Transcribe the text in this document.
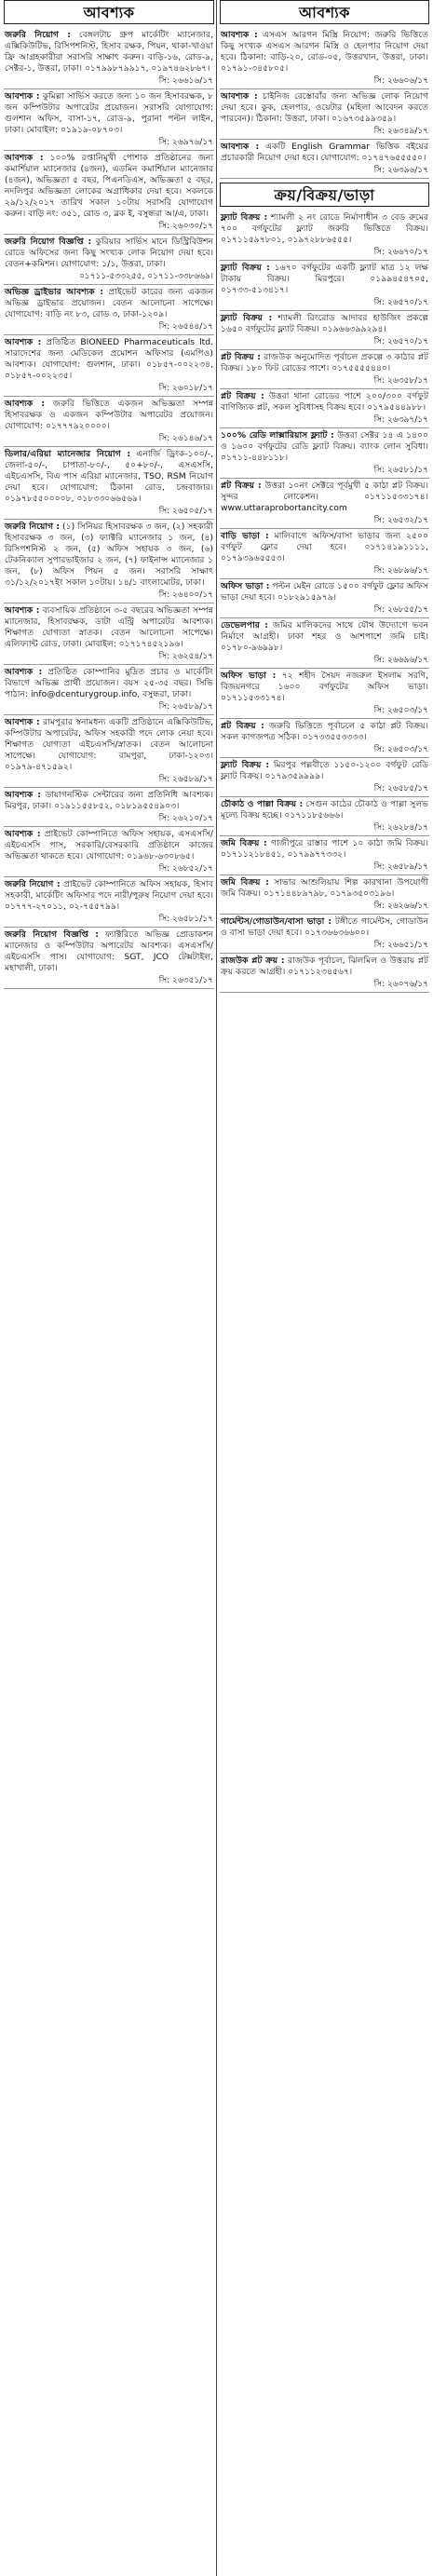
আবশ্যক

জরুরি নিয়োগ : বেঙ্গলটাচ গ্রুপ মার্কেটিং ম্যানেজার, এক্সিকিউটিভ, রিসিপশনিস্ট, হিসাব রক্ষক, পিয়ন, থাকা-খাওয়া ফ্রি আগ্রহকারীরা সরাসরি সাক্ষাৎ করুন। বাড়ি-১৬, রোড-৯, সেক্টর-১, উত্তরা, ঢাকা। ০১৭৯৯৮৭৯৯১৭, ০১৯৭৪৬২৮৬৭।

সি: ২৬৬১৬/১৭

আবশ্যক : কুমিল্লা সার্ভিস করতে জন্য ১০ জন হিসাবরক্ষক, ৮ জন কম্পিউটার অপারেটর প্রয়োজন। সরাসরি যোগাযোগ: গুলশান অফিস, বাসা-১৭, রোড-৯, পুরানা পল্টন লাইন, ঢাকা। মোবাইল: ০১৯১৯-০৮৭০৩।

সি: ২৬৯৭৬/১৭

আবশ্যক : ১০০% রপ্তানিমুখী পোশাক প্রতিষ্ঠানের জন্য কমার্শিয়াল ম্যানেজার (৪জন), এডমিন কমার্শিয়াল ম্যানেজার (৪জন), অভিজ্ঞতা ৫ বছর, পিএনডিএস, অভিজ্ঞতা ৫ বছর, নদলিপুর অভিজ্ঞতা লোকের অগ্রাধিকার দেয়া হবে। সকলকে ২৯/১২/২০১৭ তারিখ সকাল ১০টায় সরাসরি যোগাযোগ করুন। বাড়ি নং: ৩৫১, রোড ৩, ব্লক ই, বসুন্ধরা আ/এ, ঢাকা।

সি: ২৬০৩০/১৭

জরুরি নিয়োগ বিজ্ঞপ্তি : কুরিয়ার সার্ভিস মানে ডিস্ট্রিবিউশন রোডে অফিসের জন্য কিছু সংখ্যক লোক নিয়োগ দেয়া হবে। বেতন+কমিশন। যোগাযোগ: ১/১, উত্তরা, ঢাকা।

০১৭১১-৫৩৩২৫৫, ০১৭১১-৩৩৮৬৬৯।

অভিজ্ঞ ড্রাইভার আবশ্যক : প্রাইভেট কারের জন্য একজন অভিজ্ঞ ড্রাইভার প্রয়োজন। বেতন আলোচনা সাপেক্ষে। যোগাযোগ: বাড়ি নং ৮৩, রোড ৩, ঢাকা-১২০৯।

সি: ২৬৫৪৪/১৭

আবশ্যক : প্রতিষ্ঠিত BIONEED Pharmaceuticals ltd. সারাদেশের জন্য মেডিকেল প্রমোশন অফিসার (এমপিও) আবশ্যক। যোগাযোগ: গুলশান, ঢাকা। ০১৮৫৭-০০২২৩৪, ০১৮৫৭-০০২২৩৫।

সি: ২৬০১৮/১৭

আবশ্যক : জরুরি ভিত্তিতে একজন অভিজ্ঞতা সম্পন্ন হিসাবরক্ষক ও একজন কম্পিউটার অপারেটর প্রয়োজন। যোগাযোগ: ০১৭৭৭৯২০০০০।

সি: ২৬১৪৬/১৭

ডিলার/এরিয়া ম্যানেজার নিয়োগ : এনার্জি ড্রিংক-১০০/-, জেলা-৫০/-, চাপাতা-৮০/-, ৫০+৮০/-, এসএসসি, এইচএসসি, বিএ পাস এরিয়া ম্যানেজার, TSO, RSM নিয়োগ দেয়া হবে। যোগাযোগ: ঠিকানা রোড, চন্দ্রবাজার। ০১৯৭৮৫৫০০০০৮, ০১৮৩৩০৬৬৫৬৯।

সি: ২৬৫০৫/১৭

জরুরি নিয়োগ : (১) সিনিয়র হিসাবরক্ষক ৩ জন, (২) সহকারী হিসাবরক্ষক ৩ জন, (৩) ফ্যাক্টরি ম্যানেজার ১ জন, (৪) রিসিপশনিস্ট ২ জন, (৫) অফিস সহায়ক ৩ জন, (৬) টেকনিক্যাল সুপারভাইজার ২ জন, (৭) ফাইনান্স ম্যানেজার ১ জন, (৮) অফিস পিয়ন ৫ জন। সরাসরি সাক্ষাৎ ৩১/১২/২০১৭ইং সকাল ১০টায়। ১৪/১ বাংলামোটর, ঢাকা।

সি: ২৬৪০০/১৭

আবশ্যক : ব্যবসায়িক প্রতিষ্ঠানে ৩-৫ বছরের অভিজ্ঞতা সম্পন্ন ম্যানেজার, হিসাবরক্ষক, ডাটা এন্ট্রি অপারেটর আবশ্যক। শিক্ষাগত যোগ্যতা স্নাতক। বেতন আলোচনা সাপেক্ষে। এলিফ্যান্ট রোড, ঢাকা। মোবাইল: ০১৭১৭৪৫২১৯৬।

সি: ২৬২৫৪/১৭

আবশ্যক : প্রতিষ্ঠিত কোম্পানির মুদ্রিত প্রচার ও মার্কেটিং বিভাগে অভিজ্ঞ প্রার্থী প্রয়োজন। বয়স ২৫-৩৫ বছর। সিভি পাঠান: info@dcenturygroup.info, বসুন্ধরা, ঢাকা।

সি: ২৬৫৮৯/১৭

আবশ্যক : রামপুরার স্বনামধন্য একটি প্রতিষ্ঠানে এক্সিকিউটিভ, কম্পিউটার অপারেটর, অফিস সহকারী পদে লোক নেয়া হবে। শিক্ষাগত যোগ্যতা এইচএসসি/স্নাতক। বেতন আলোচনা সাপেক্ষে। যোগাযোগ: রামপুরা, ঢাকা-১২০৩। ০১৯৭৯-৪৭১৫৯২।

সি: ২৬৫৮৯/১৭

আবশ্যক : ডায়াগনস্টিক সেন্টারের জন্য প্রতিনিধি আবশ্যক। মিরপুর, ঢাকা। ০১৯১১৫৫৮৫২, ০১৮১৯৫৫৪৯০৩।

সি: ২৬২১০/১৭

আবশ্যক : প্রাইভেট কোম্পানিতে অফিস সহায়ক, এসএসসি/এইচএসসি পাস, সরকারি/বেসরকারি প্রতিষ্ঠানে কাজের অভিজ্ঞতা থাকতে হবে। যোগাযোগ: ০১৯৬৮-৬৩০৮৬৫।

সি: ২৬৮৫২/১৭

জরুরি নিয়োগ : প্রাইভেট কোম্পানিতে অফিস সহায়ক, হিসাব সহকারী, মার্কেটিং অফিসার পদে নারী/পুরুষ নিয়োগ দেয়া হবে। ০১৭৭৭-২৭০১১, ০২-৭৫৫৭৯৯।

সি: ২৬৫৮১/১৭

জরুরি নিয়োগ বিজ্ঞপ্তি : ফ্যাক্টরিতে অভিজ্ঞ প্রোডাকশন ম্যানেজার ও কম্পিউটার অপারেটর আবশ্যক। এসএসসি/এইচএসসি পাস। যোগাযোগ: SGT, JCO টেক্সটাইল, মহাখালী, ঢাকা।

সি: ২৬৩৫১/১৭
আবশ্যক

আবশ্যক : এসএস আরগন মিস্ত্রি নিয়োগ: জরুরি ভিত্তিতে কিছু সংখ্যক এসএস আরগন মিস্ত্রি ও হেলপার নিয়োগ দেয়া হবে। ঠিকানা: বাড়ি-২০, রোড-০৫, উত্তরখান, উত্তরা, ঢাকা। ০১৭৯১-৩৪৫৮০৫।

সি: ২৬৬০৬/১৭

আবশ্যক : চাইনিজ রেস্তোরাঁর জন্য অভিজ্ঞ লোক নিয়োগ দেয়া হবে। কুক, হেলপার, ওয়েটার (মহিলা আবেদন করতে পারবেন)। ঠিকানা: উত্তরা, ঢাকা। ০১৬৭৩৫৯৯৩৫৯।

সি: ২৬৩৪৯/১৭

আবশ্যক : একটি English Grammar ভিত্তিক বইয়ের প্রচারকারী নিয়োগ দেয়া হবে। যোগাযোগ: ০১৭৪৭৬৫৫৫৫০।

সি: ২৬৩৯৬/১৭
ক্রয়/বিক্রয়/ভাড়া

ফ্ল্যাট বিক্রয় : শ্যামলী ২ নং রোডে নির্মাণাধীন ৩ বেড রুমের ৭০০ বর্গফুটের ফ্ল্যাট জরুরি ভিত্তিতে বিক্রয়। ০১৭১১৫৯৭৮০১, ০১৯৭২৮৮৬৫৫৫।

সি: ২৬৬৭০/১৭

ফ্ল্যাট বিক্রয় : ১৬৭০ বর্গফুটের একটি ফ্ল্যাট মাত্র ১২ লক্ষ টাকায় বিক্রয়। মিরপুরে। ০১৯৯৪৫৪৭০৫, ০১৭৩৩-৫১৩৪১৭।

সি: ২৬৫৭০/১৭

ফ্ল্যাট বিক্রয় : শ্যামলী রিংরোড আদাবর হাউজিং প্রকল্পে ১৬৫০ বর্গফুটের ফ্ল্যাট বিক্রয়। ০১৯৬৬৩৯৯২৯৪।

সি: ২৬৫৭০/১৭

প্লট বিক্রয় : রাজউক অনুমোদিত পূর্বাচল প্রকল্পে ৩ কাঠার প্লট বিক্রয়। ১৮০ ফিট রোডের পাশে। ০১৭৫৫৫৫৪৪০।

সি: ২৬৩৫৮/১৭

প্লট বিক্রয় : উত্তরা থানা রোডের পাশে ২০০/৩০০ বর্গফুট বাণিজ্যিক প্লট, সকল সুবিধাসহ বিক্রয় হবে। ০১৭৯৫৪৪৯৮৮।

সি: ২৬৩৯৭/১৭

১০০% রেডি লাক্সারিয়াস ফ্ল্যাট : উত্তরা সেক্টর ১৪ এ ১৪০০ ও ১৬০০ বর্গফুটের রেডি ফ্ল্যাট বিক্রয়। ব্যাংক লোন সুবিধা। ০১৭১১-৪৪৮১১৮।

সি: ২৬৫৮১/১৭

প্লট বিক্রয় : উত্তরা ১০নং সেক্টরে পূর্বমুখী ৫ কাঠা প্লট বিক্রয়। সুন্দর লোকেশন। ০১৭১১৫৩৩১৭৪। www.uttaraprobortancity.com

সি: ২৬৫৩২/১৭

বাড়ি ভাড়া : মালিবাগে অফিস/বাসা ভাড়ার জন্য ২৫০০ বর্গফুট ফ্লোর দেয়া হবে। ০১৭১৪১৯১১১১, ০১৭৯৩৯৬৫৫৫৩।

সি: ২৬৮৯৬/১৭

অফিস ভাড়া : পল্টন মেইন রোডে ১৫০০ বর্গফুট ফ্লোর অফিস ভাড়া দেয়া হবে। ০১৮২৯১৫৯৭৯।

সি: ২৬৮৫৫/১৭

ডেভেলপার : জমির মালিকদের সাথে যৌথ উদ্যোগে ভবন নির্মাণে আগ্রহী। ঢাকা শহর ও আশপাশে জমি চাই। ০১৭৮০-৯৬৯৯৮।

সি: ২৬৬৯৬/১৭

অফিস ভাড়া : ৭২ শহীদ সৈয়দ নজরুল ইসলাম সরণি, বিজয়নগরে ১৬০০ বর্গফুটের অফিস ভাড়া। ০১৭১১৫৩৩১৭৪।

সি: ২৬৫০৩/১৭

প্লট বিক্রয় : জরুরি ভিত্তিতে পূর্বাচলে ৫ কাঠা প্লট বিক্রয়। সকল কাগজপত্র সঠিক। ০১৭৩৩৫৫৩৩৩৩।

সি: ২৬৫০৩/১৭

ফ্ল্যাট বিক্রয় : মিরপুর পল্লবীতে ১১৫০-১২০০ বর্গফুট রেডি ফ্ল্যাট বিক্রয়। ০১৭৯৩৫৯৯৯৯।

সি: ২৬৫৮৫/১৭

চৌকাঠ ও পাল্লা বিক্রয় : সেগুন কাঠের চৌকাঠ ও পাল্লা সুলভ মূল্যে বিক্রয় হচ্ছে। ০১৭১১৮৫৬৬৬।

সি: ২৬২৮৪/১৭

জমি বিক্রয় : গাজীপুরে রাস্তার পাশে ১০ কাঠা জমি বিক্রয়। ০১৭১১২১৮৪৫১, ০১৭৯৯৭৭৩৩২।

সি: ২৬৫৮৯/১৭

জমি বিক্রয় : সাভার আশুলিয়ায় শিল্প কারখানা উপযোগী জমি বিক্রয়। ০১৭১৪৪৮৯৭৯৮, ০১৭৯৩৫০৩১৯৬।

সি: ২৬২৬৬/১৭

গার্মেন্টস/গোডাউন/বাসা ভাড়া : টঙ্গীতে গার্মেন্টস, গোডাউন ও বাসা ভাড়া দেয়া হবে। ০১৭৩৬৬৩৬৬০০।

সি: ২৬৬৫১/১৭

রাজউক প্লট ক্রয় : রাজউক পূর্বাচল, ঝিলমিল ও উত্তরায় প্লট ক্রয় করতে আগ্রহী। ০১৭১১২৩৪৫৬৭।

সি: ২৬০৭৬/১৭
